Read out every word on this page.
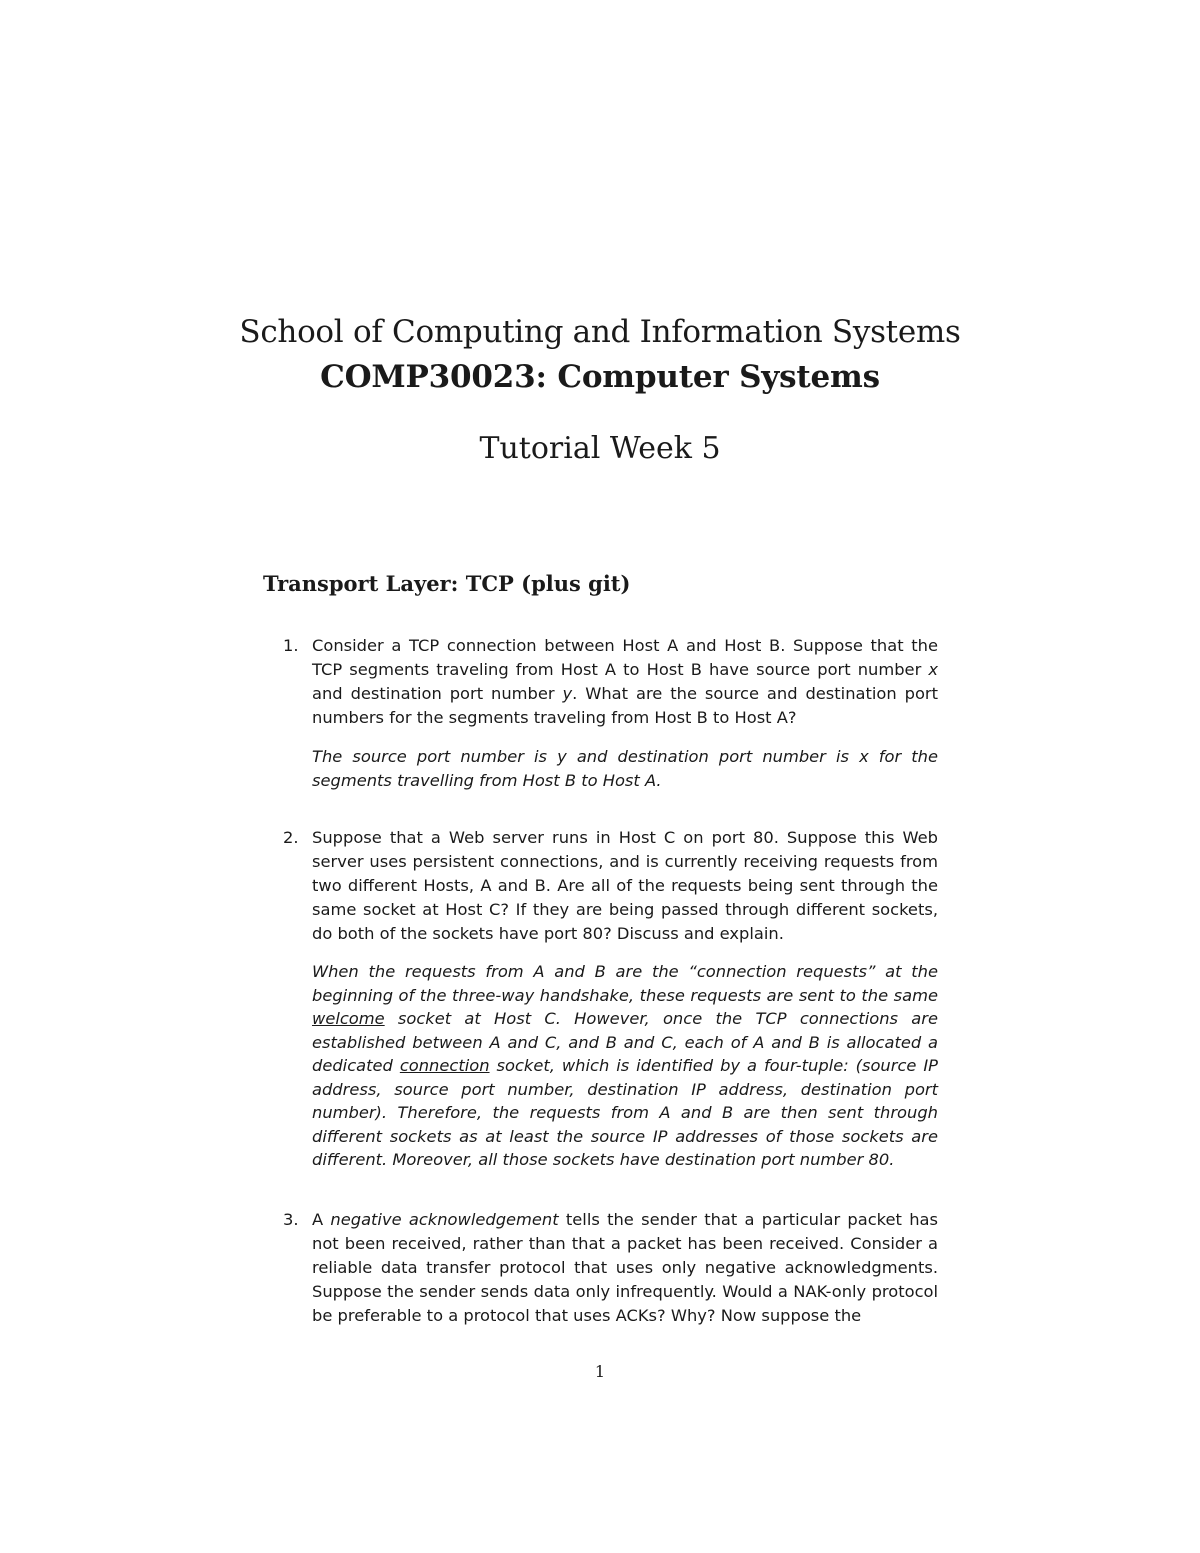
School of Computing and Information Systems
COMP30023: Computer Systems
Tutorial Week 5
Transport Layer: TCP (plus git)
1. Consider a TCP connection between Host A and Host B. Suppose that the TCP segments traveling from Host A to Host B have source port number x and destination port number y. What are the source and destination port numbers for the segments traveling from Host B to Host A?
The source port number is y and destination port number is x for the segments travelling from Host B to Host A.
2. Suppose that a Web server runs in Host C on port 80. Suppose this Web server uses persistent connections, and is currently receiving requests from two different Hosts, A and B. Are all of the requests being sent through the same socket at Host C? If they are being passed through different sockets, do both of the sockets have port 80? Discuss and explain.
When the requests from A and B are the “connection requests” at the beginning of the three-way handshake, these requests are sent to the same welcome socket at Host C. However, once the TCP connections are established between A and C, and B and C, each of A and B is allocated a dedicated connection socket, which is identified by a four-tuple: (source IP address, source port number, destination IP address, destination port number). Therefore, the requests from A and B are then sent through different sockets as at least the source IP addresses of those sockets are different. Moreover, all those sockets have destination port number 80.
3. A negative acknowledgement tells the sender that a particular packet has not been received, rather than that a packet has been received. Consider a reliable data transfer protocol that uses only negative acknowledgments. Suppose the sender sends data only infrequently. Would a NAK-only protocol be preferable to a protocol that uses ACKs? Why? Now suppose the
1
